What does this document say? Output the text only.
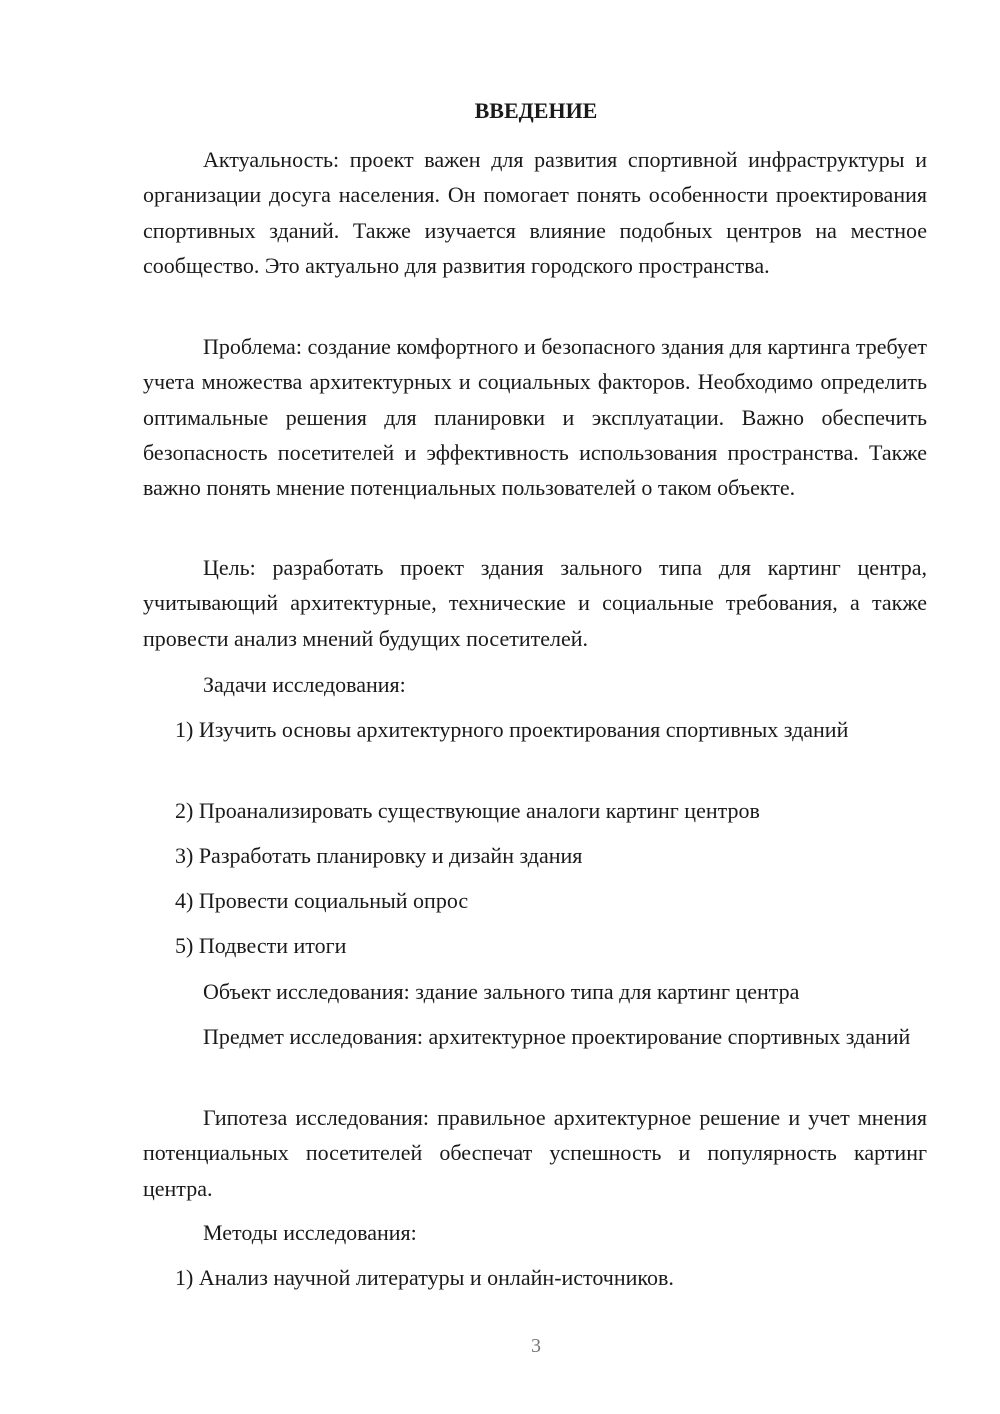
ВВЕДЕНИЕ
Актуальность: проект важен для развития спортивной инфраструктуры и организации досуга населения. Он помогает понять особенности проектирования спортивных зданий. Также изучается влияние подобных центров на местное сообщество. Это актуально для развития городского пространства.
Проблема: создание комфортного и безопасного здания для картинга требует учета множества архитектурных и социальных факторов. Необходимо определить оптимальные решения для планировки и эксплуатации. Важно обеспечить безопасность посетителей и эффективность использования пространства. Также важно понять мнение потенциальных пользователей о таком объекте.
Цель: разработать проект здания зального типа для картинг центра, учитывающий архитектурные, технические и социальные требования, а также провести анализ мнений будущих посетителей.
Задачи исследования:
1) Изучить основы архитектурного проектирования спортивных зданий
2) Проанализировать существующие аналоги картинг центров
3) Разработать планировку и дизайн здания
4) Провести социальный опрос
5) Подвести итоги
Объект исследования: здание зального типа для картинг центра
Предмет исследования: архитектурное проектирование спортивных зданий
Гипотеза исследования: правильное архитектурное решение и учет мнения потенциальных посетителей обеспечат успешность и популярность картинг центра.
Методы исследования:
1) Анализ научной литературы и онлайн-источников.
3
